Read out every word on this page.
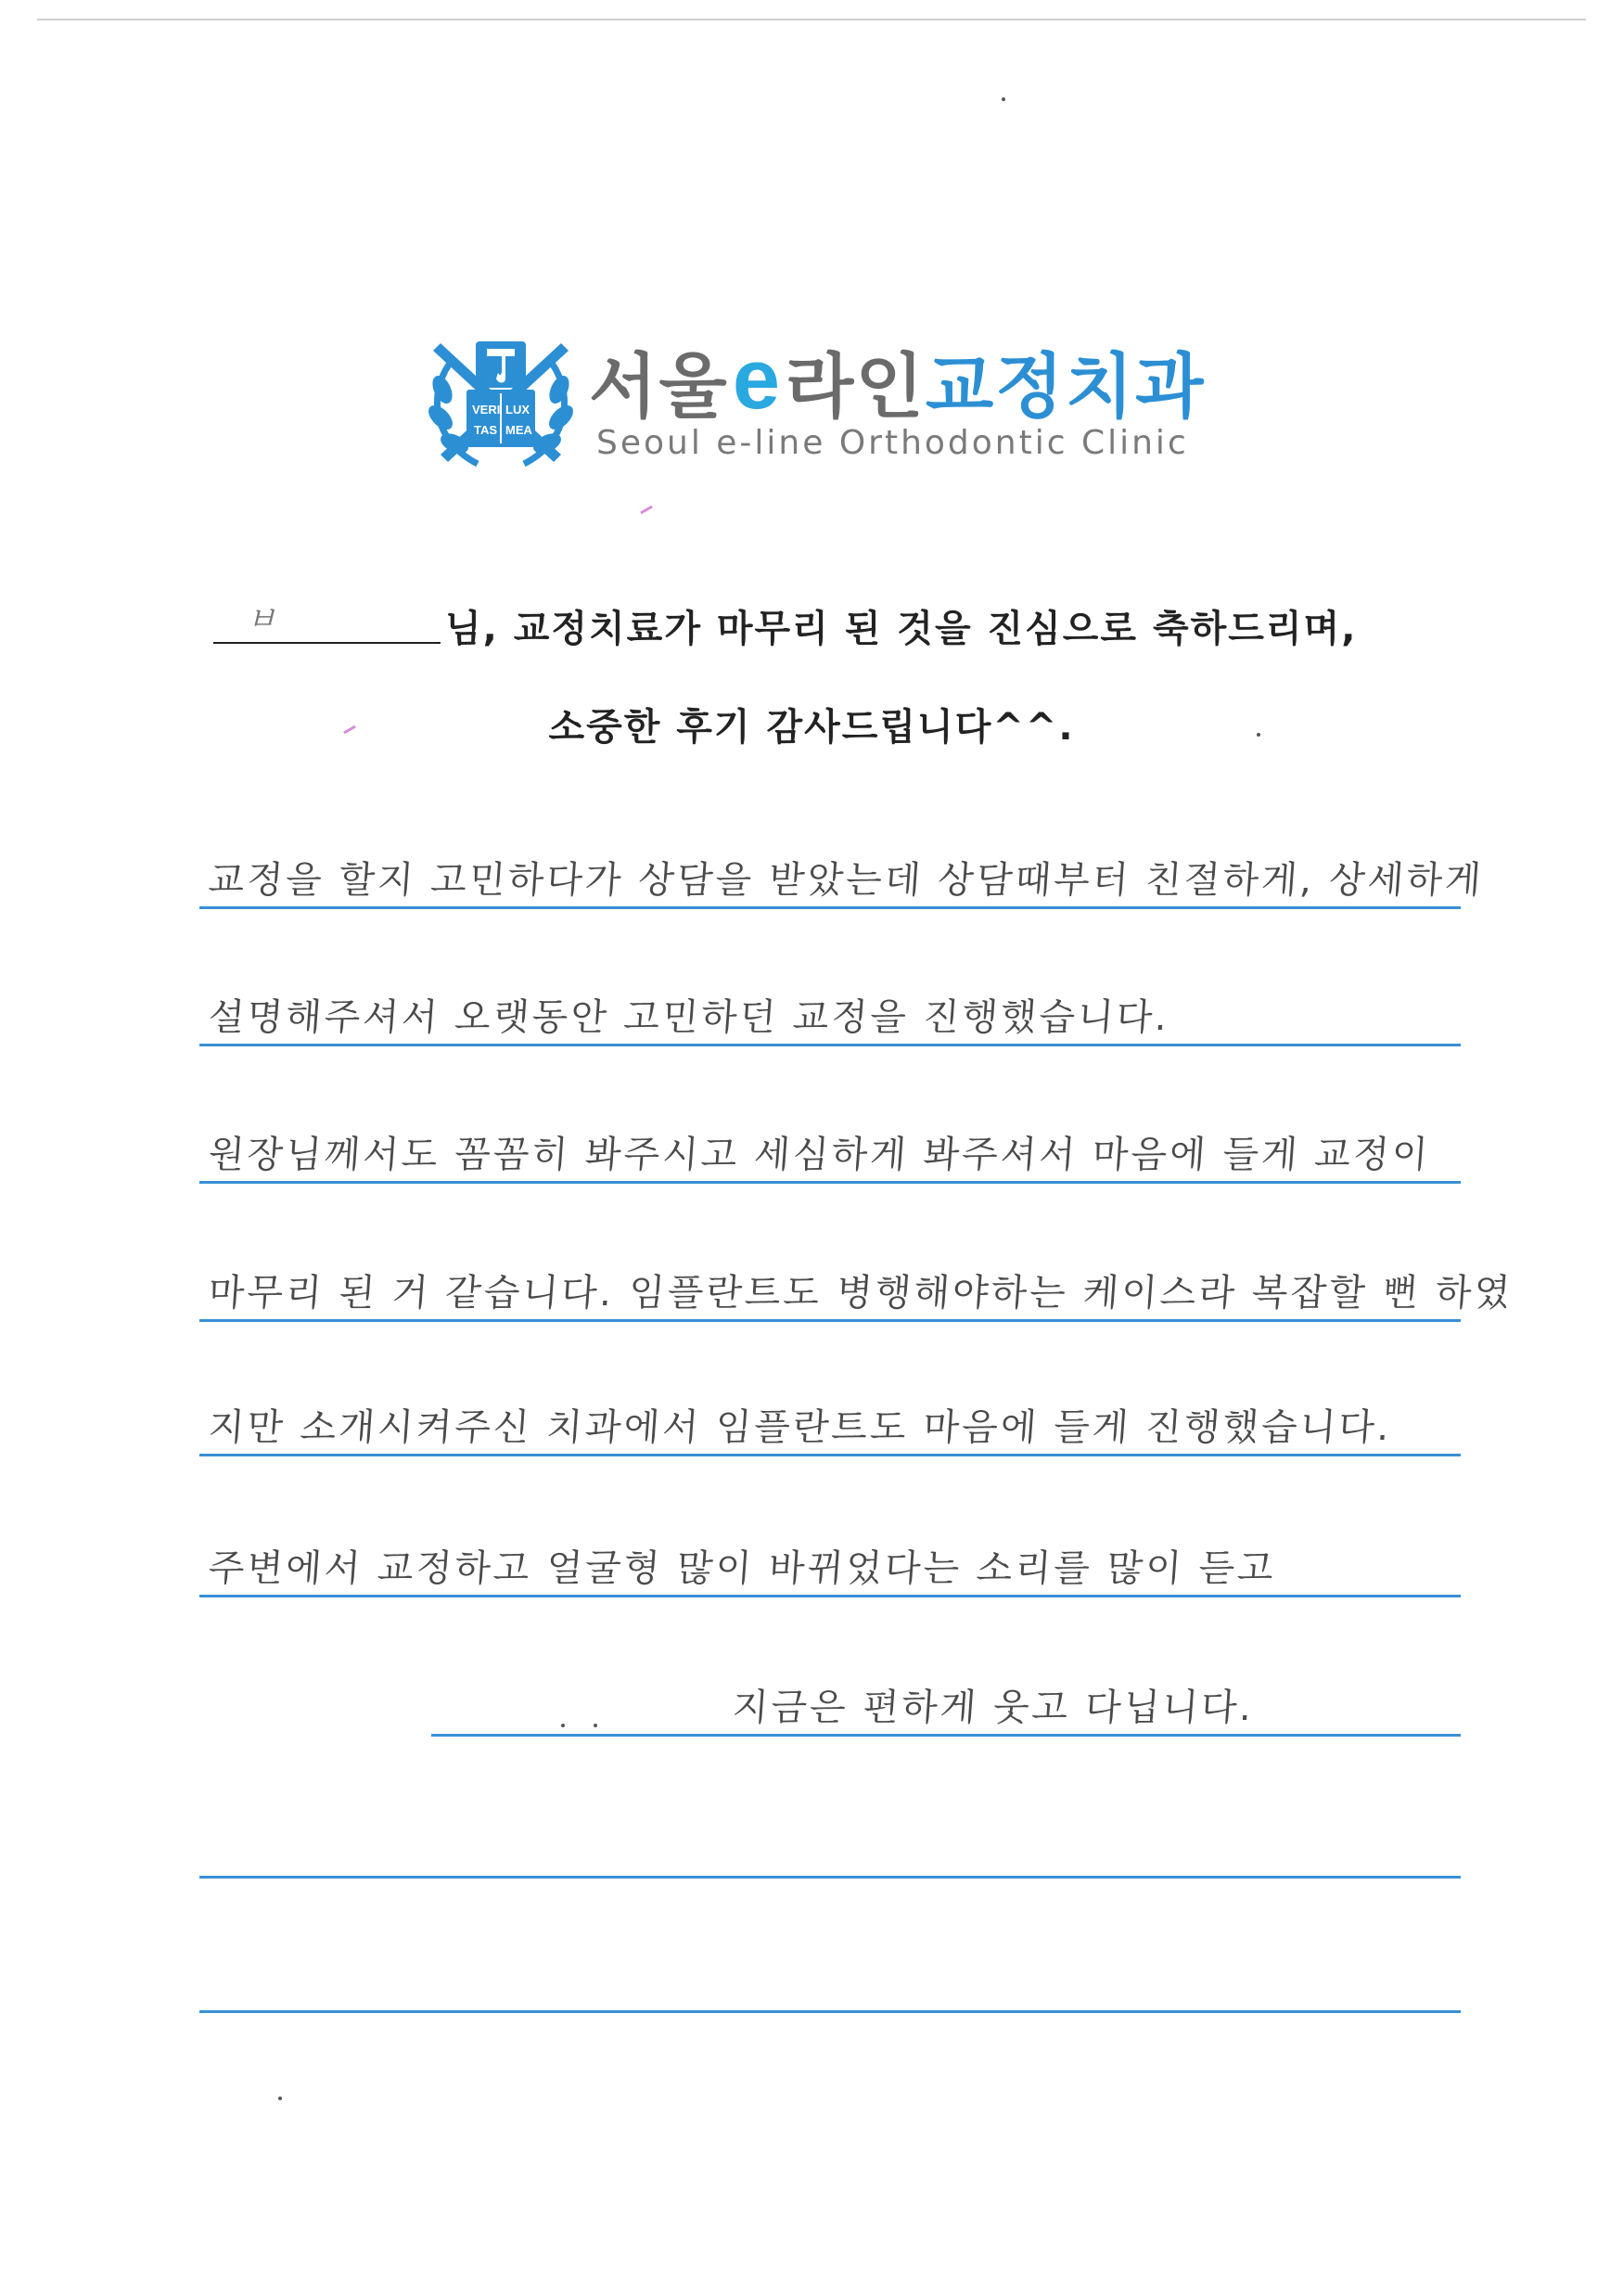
VERI LUX
TAS MEA
서울 e 라인 교정치과
Seoul e-line Orthodontic Clinic
ㅂ	님, 교정치료가 마무리 된 것을 진심으로 축하드리며,
소중한 후기 감사드립니다^^.
교정을 할지 고민하다가 상담을 받았는데 상담때부터 친절하게, 상세하게
설명해주셔서 오랫동안 고민하던 교정을 진행했습니다.
원장님께서도 꼼꼼히 봐주시고 세심하게 봐주셔서 마음에 들게 교정이
마무리 된 거 같습니다. 임플란트도 병행해야하는 케이스라 복잡할 뻔 하였
지만 소개시켜주신 치과에서 임플란트도 마음에 들게 진행했습니다.
주변에서 교정하고 얼굴형 많이 바뀌었다는 소리를 많이 듣고
지금은 편하게 웃고 다닙니다.
